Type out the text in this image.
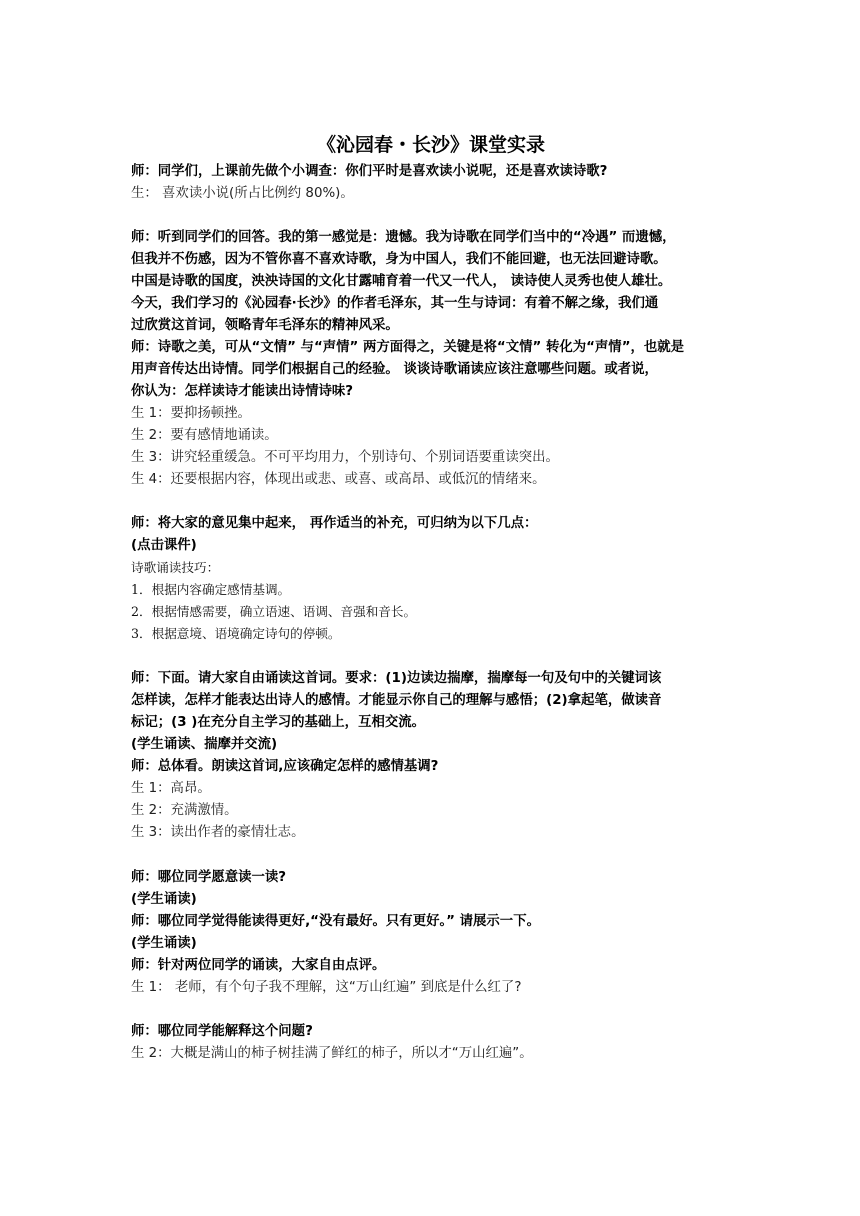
《沁园春・长沙》课堂实录
师：同学们，上课前先做个小调查：你们平时是喜欢读小说呢，还是喜欢读诗歌?
生： 喜欢读小说(所占比例约 80%)。
师：听到同学们的回答。我的第一感觉是：遗憾。我为诗歌在同学们当中的“冷遇” 而遗憾，
但我并不伤感，因为不管你喜不喜欢诗歌，身为中国人，我们不能回避，也无法回避诗歌。
中国是诗歌的国度，泱泱诗国的文化甘露哺育着一代又一代人， 读诗使人灵秀也使人雄壮。
今天，我们学习的《沁园春·长沙》的作者毛泽东，其一生与诗词：有着不解之缘，我们通
过欣赏这首词，领略青年毛泽东的精神风采。
师：诗歌之美，可从“文情” 与“声情” 两方面得之，关键是将“文情” 转化为“声情”，也就是
用声音传达出诗情。同学们根据自己的经验。 谈谈诗歌诵读应该注意哪些问题。或者说，
你认为：怎样读诗才能读出诗情诗味?
生 1：要抑扬顿挫。
生 2：要有感情地诵读。
生 3：讲究轻重缓急。不可平均用力，个别诗句、个别词语要重读突出。
生 4：还要根据内容，体现出或悲、或喜、或高昂、或低沉的情绪来。
师：将大家的意见集中起来， 再作适当的补充，可归纳为以下几点：
(点击课件)
诗歌诵读技巧：
1．根据内容确定感情基调。
2．根据情感需要，确立语速、语调、音强和音长。
3．根据意境、语境确定诗句的停顿。
师：下面。请大家自由诵读这首词。要求：(1)边读边揣摩，揣摩每一句及句中的关键词该
怎样读，怎样才能表达出诗人的感情。才能显示你自己的理解与感悟；(2)拿起笔，做读音
标记；(3 )在充分自主学习的基础上，互相交流。
(学生诵读、揣摩并交流)
师：总体看。朗读这首词,应该确定怎样的感情基调?
生 1：高昂。
生 2：充满激情。
生 3：读出作者的豪情壮志。
师：哪位同学愿意读一读?
(学生诵读)
师：哪位同学觉得能读得更好,“没有最好。只有更好。” 请展示一下。
(学生诵读)
师：针对两位同学的诵读，大家自由点评。
生 1： 老师，有个句子我不理解，这“万山红遍” 到底是什么红了?
师：哪位同学能解释这个问题?
生 2：大概是满山的柿子树挂满了鲜红的柿子，所以才“万山红遍”。
